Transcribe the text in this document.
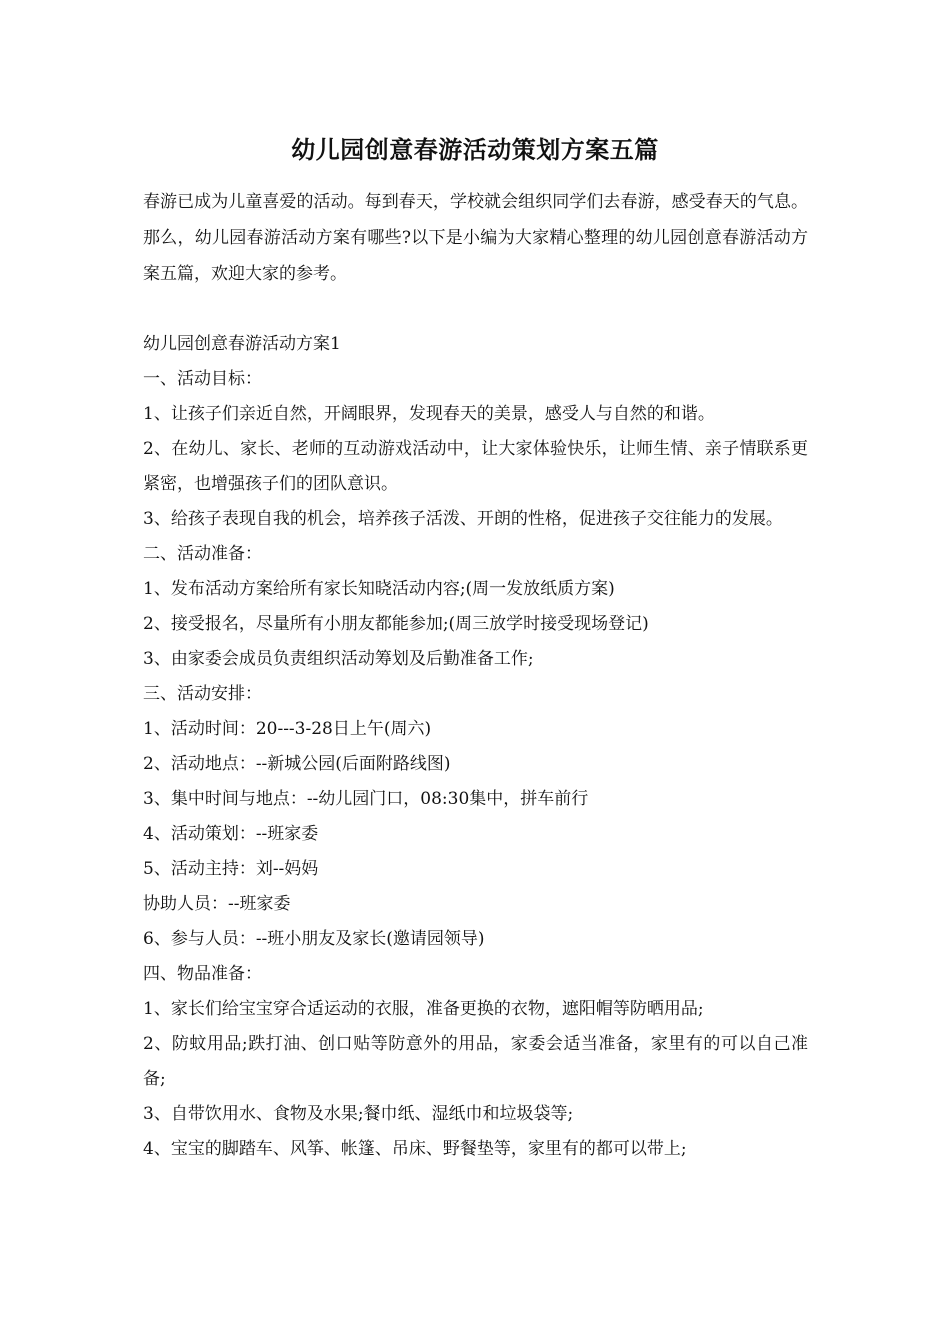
幼儿园创意春游活动策划方案五篇

春游已成为儿童喜爱的活动。每到春天，学校就会组织同学们去春游，感受春天的气息。那么，幼儿园春游活动方案有哪些?以下是小编为大家精心整理的幼儿园创意春游活动方案五篇，欢迎大家的参考。

幼儿园创意春游活动方案1
一、活动目标：
1、让孩子们亲近自然，开阔眼界，发现春天的美景，感受人与自然的和谐。
2、在幼儿、家长、老师的互动游戏活动中，让大家体验快乐，让师生情、亲子情联系更紧密，也增强孩子们的团队意识。
3、给孩子表现自我的机会，培养孩子活泼、开朗的性格，促进孩子交往能力的发展。
二、活动准备：
1、发布活动方案给所有家长知晓活动内容;(周一发放纸质方案)
2、接受报名，尽量所有小朋友都能参加;(周三放学时接受现场登记)
3、由家委会成员负责组织活动筹划及后勤准备工作;
三、活动安排：
1、活动时间：20---3-28日上午(周六)
2、活动地点：--新城公园(后面附路线图)
3、集中时间与地点：--幼儿园门口，08:30集中，拼车前行
4、活动策划：--班家委
5、活动主持：刘--妈妈
协助人员：--班家委
6、参与人员：--班小朋友及家长(邀请园领导)
四、物品准备：
1、家长们给宝宝穿合适运动的衣服，准备更换的衣物，遮阳帽等防晒用品;
2、防蚊用品;跌打油、创口贴等防意外的用品，家委会适当准备，家里有的可以自己准备;
3、自带饮用水、食物及水果;餐巾纸、湿纸巾和垃圾袋等;
4、宝宝的脚踏车、风筝、帐篷、吊床、野餐垫等，家里有的都可以带上;
